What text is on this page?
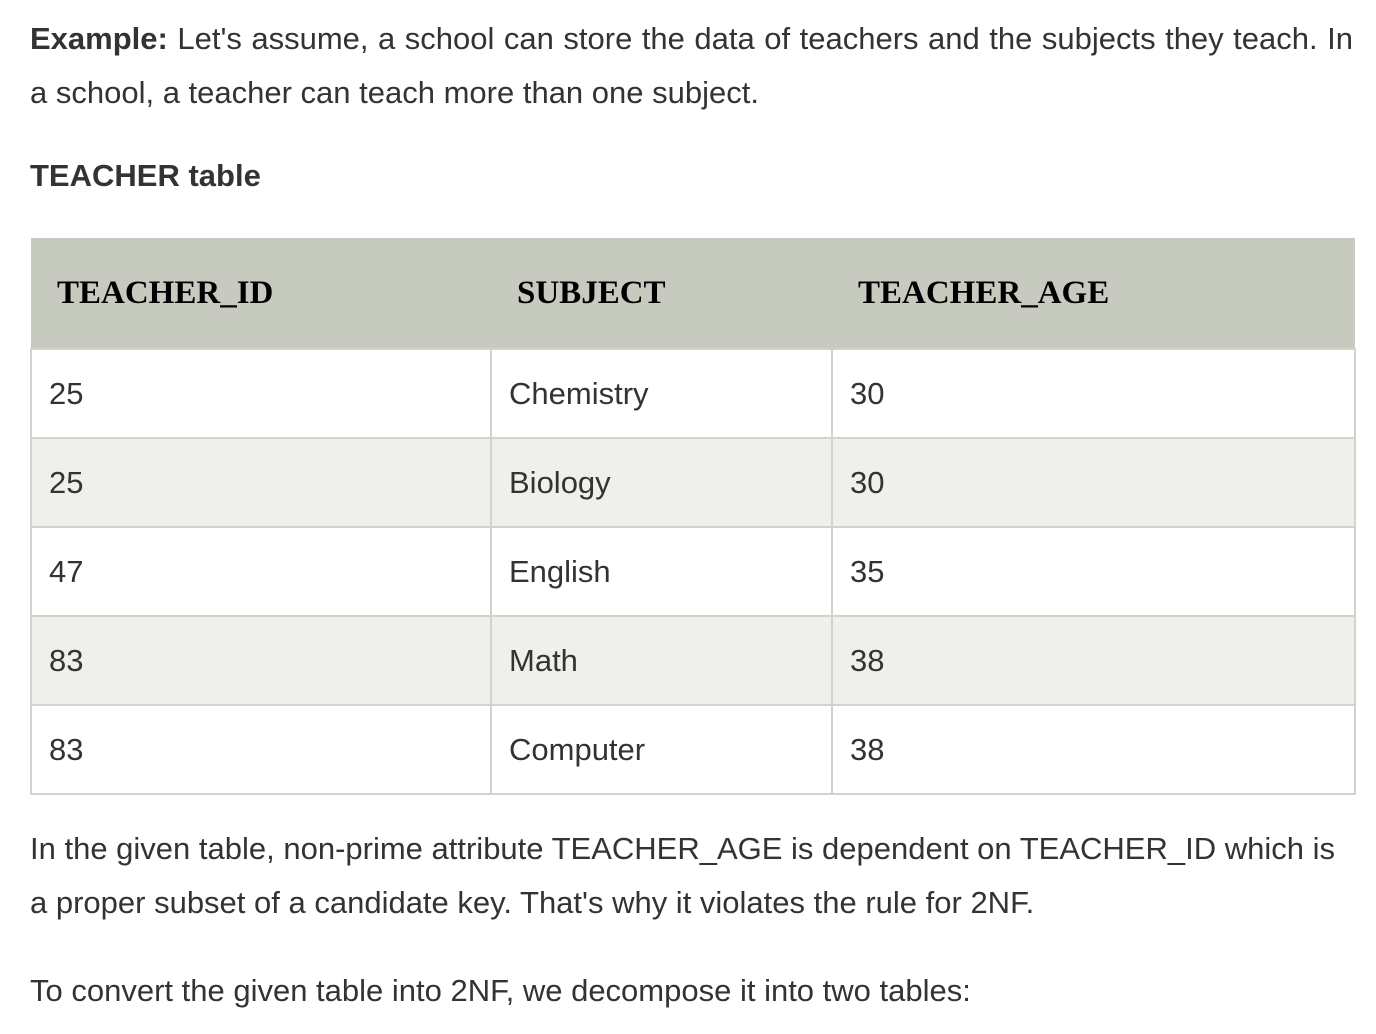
Example: Let's assume, a school can store the data of teachers and the subjects they teach. In a school, a teacher can teach more than one subject.

TEACHER table
TEACHER_ID	SUBJECT	TEACHER_AGE
25	Chemistry	30
25	Biology	30
47	English	35
83	Math	38
83	Computer	38

In the given table, non-prime attribute TEACHER_AGE is dependent on TEACHER_ID which is a proper subset of a candidate key. That's why it violates the rule for 2NF.

To convert the given table into 2NF, we decompose it into two tables:
